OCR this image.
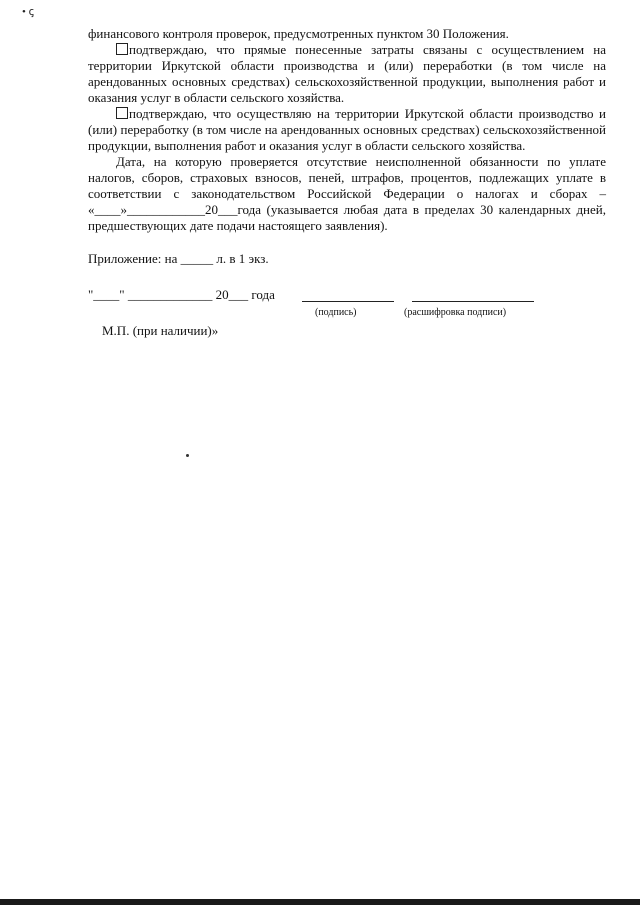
• ꞔ

финансового контроля проверок, предусмотренных пунктом 30 Положения.

подтверждаю, что прямые понесенные затраты связаны с осуществлением на территории Иркутской области производства и (или) переработки (в том числе на арендованных основных средствах) сельскохозяйственной продукции, выполнения работ и оказания услуг в области сельского хозяйства.

подтверждаю, что осуществляю на территории Иркутской области производство и (или) переработку (в том числе на арендованных основных средствах) сельскохозяйственной продукции, выполнения работ и оказания услуг в области сельского хозяйства.

Дата, на которую проверяется отсутствие неисполненной обязанности по уплате налогов, сборов, страховых взносов, пеней, штрафов, процентов, подлежащих уплате в соответствии с законодательством Российской Федерации о налогах и сборах – «____»____________20___года (указывается любая дата в пределах 30 календарных дней, предшествующих дате подачи настоящего заявления).

Приложение: на _____ л. в 1 экз.
"____" _____________ 20___ года
(подпись)	(расшифровка подписи)
М.П. (при наличии)»
